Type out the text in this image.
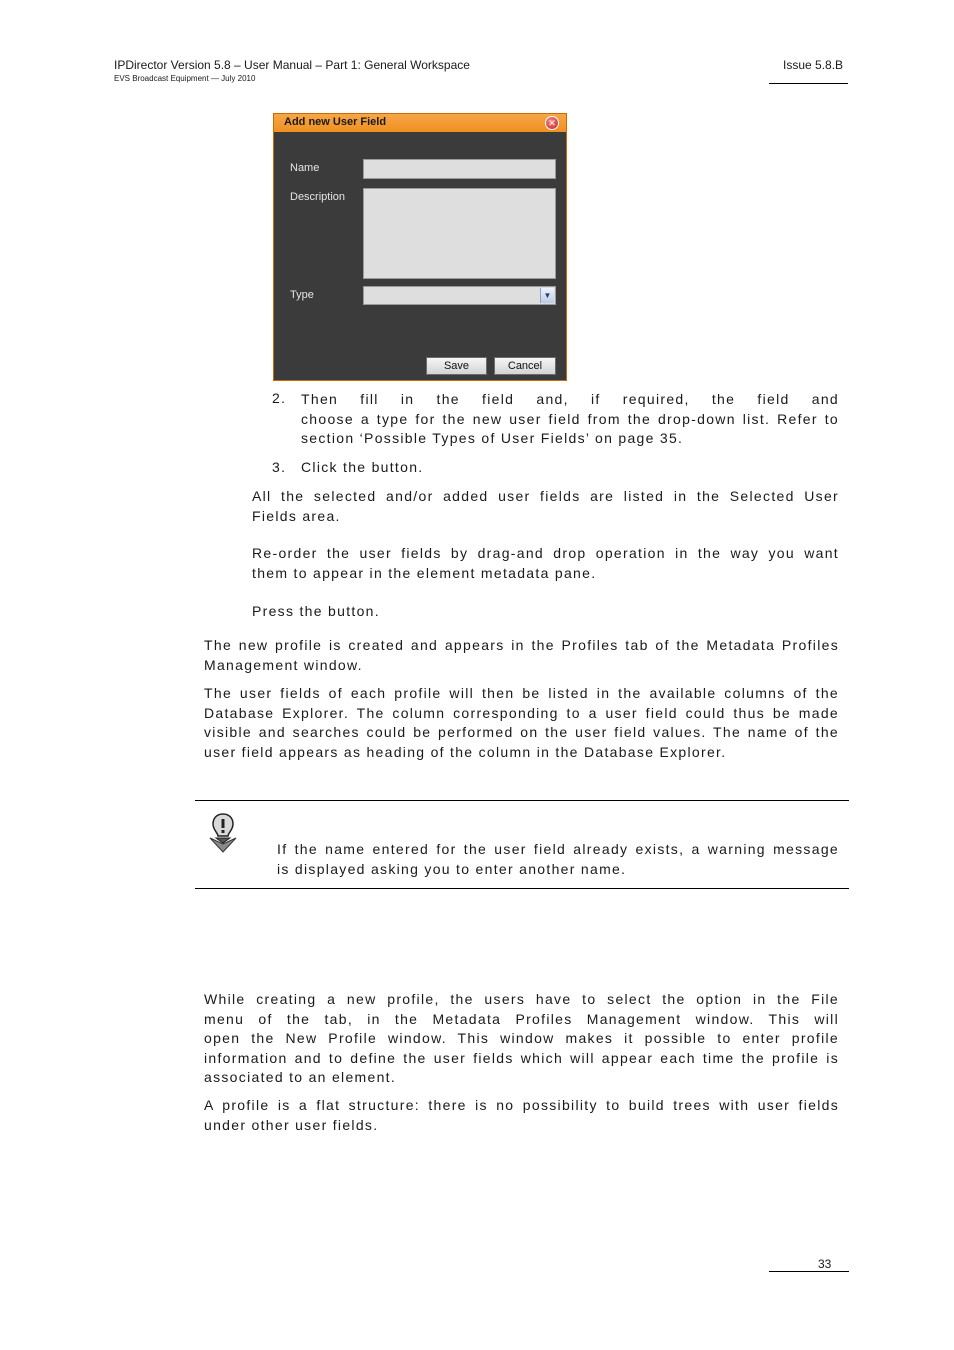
IPDirector Version 5.8 – User Manual – Part 1: General Workspace
EVS Broadcast Equipment — July 2010
Issue 5.8.B
Add new User Field	✕
Name
Description
Type	▼
Save	Cancel
2. Then fill in the field and, if required, the field and
choose a type for the new user field from the drop-down list. Refer to
section ‘Possible Types of User Fields’ on page 35.
3. Click the button.
All the selected and/or added user fields are listed in the Selected User
Fields area.
Re-order the user fields by drag-and drop operation in the way you want
them to appear in the element metadata pane.
Press the button.
The new profile is created and appears in the Profiles tab of the Metadata Profiles
Management window.
The user fields of each profile will then be listed in the available columns of the
Database Explorer. The column corresponding to a user field could thus be made
visible and searches could be performed on the user field values. The name of the
user field appears as heading of the column in the Database Explorer.
If the name entered for the user field already exists, a warning message
is displayed asking you to enter another name.
While creating a new profile, the users have to select the option in the File
menu of the tab, in the Metadata Profiles Management window. This will
open the New Profile window. This window makes it possible to enter profile
information and to define the user fields which will appear each time the profile is
associated to an element.
A profile is a flat structure: there is no possibility to build trees with user fields
under other user fields.
33
